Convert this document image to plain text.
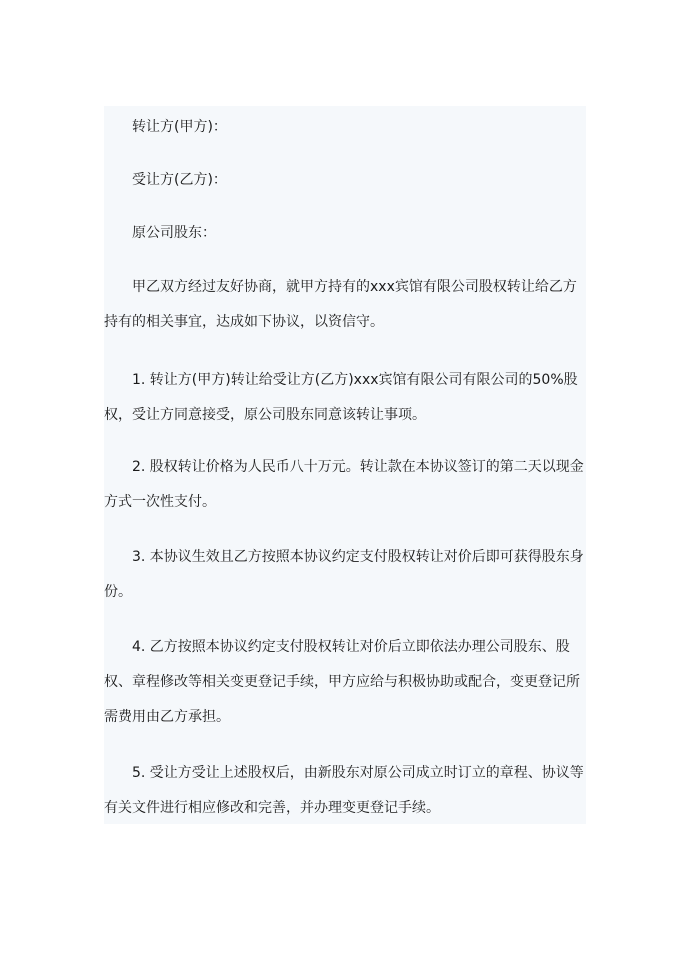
转让方(甲方)：

受让方(乙方)：

原公司股东：

甲乙双方经过友好协商，就甲方持有的xxx宾馆有限公司股权转让给乙方持有的相关事宜，达成如下协议，以资信守。

1. 转让方(甲方)转让给受让方(乙方)xxx宾馆有限公司有限公司的50%股权，受让方同意接受，原公司股东同意该转让事项。

2. 股权转让价格为人民币八十万元。转让款在本协议签订的第二天以现金方式一次性支付。

3. 本协议生效且乙方按照本协议约定支付股权转让对价后即可获得股东身份。

4. 乙方按照本协议约定支付股权转让对价后立即依法办理公司股东、股权、章程修改等相关变更登记手续，甲方应给与积极协助或配合，变更登记所需费用由乙方承担。

5. 受让方受让上述股权后，由新股东对原公司成立时订立的章程、协议等有关文件进行相应修改和完善，并办理变更登记手续。
